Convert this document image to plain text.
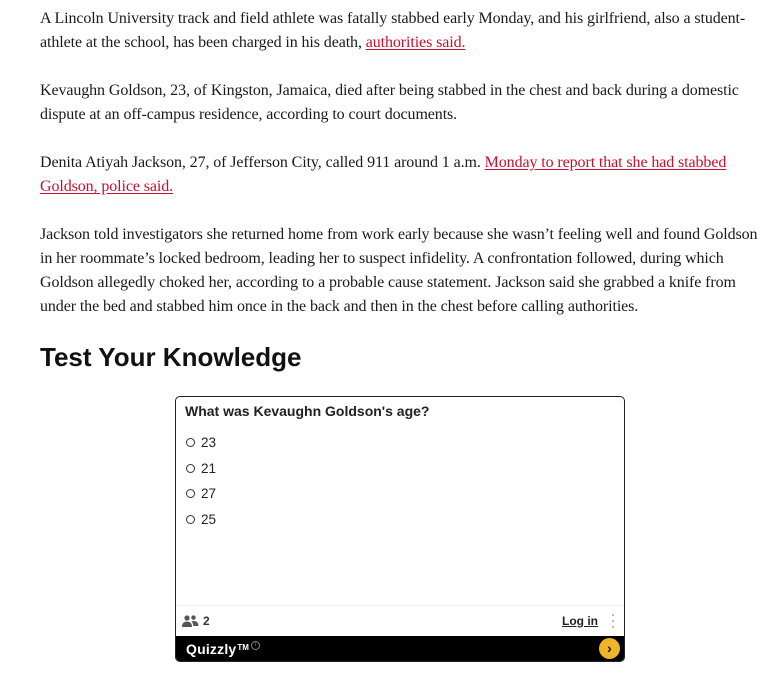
A Lincoln University track and field athlete was fatally stabbed early Monday, and his girlfriend, also a student-athlete at the school, has been charged in his death, authorities said.

Kevaughn Goldson, 23, of Kingston, Jamaica, died after being stabbed in the chest and back during a domestic dispute at an off-campus residence, according to court documents.

Denita Atiyah Jackson, 27, of Jefferson City, called 911 around 1 a.m. Monday to report that she had stabbed Goldson, police said.

Jackson told investigators she returned home from work early because she wasn’t feeling well and found Goldson in her roommate’s locked bedroom, leading her to suspect infidelity. A confrontation followed, during which Goldson allegedly choked her, according to a probable cause statement. Jackson said she grabbed a knife from under the bed and stabbed him once in the back and then in the chest before calling authorities.

Test Your Knowledge
What was Kevaughn Goldson's age?
23
21
27
25
2	Log in
Quizzly TM i	›
